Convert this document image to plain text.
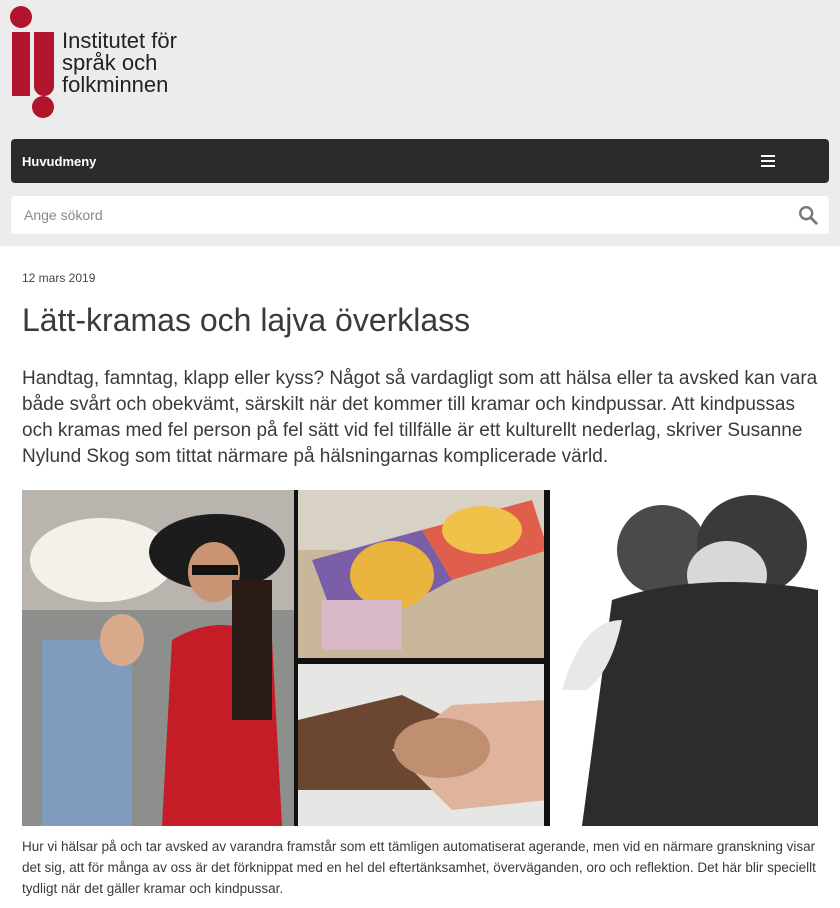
Institutet för
språk och
folkminnen
Huvudmeny
Ange sökord
12 mars 2019
Lätt-kramas och lajva överklass

Handtag, famntag, klapp eller kyss? Något så vardagligt som att hälsa eller ta avsked kan vara både svårt och obekvämt, särskilt när det kommer till kramar och kindpussar. Att kindpussas och kramas med fel person på fel sätt vid fel tillfälle är ett kulturellt nederlag, skriver Susanne Nylund Skog som tittat närmare på hälsningarnas komplicerade värld.

Hur vi hälsar på och tar avsked av varandra framstår som ett tämligen automatiserat agerande, men vid en närmare granskning visar det sig, att för många av oss är det förknippat med en hel del eftertänksamhet, överväganden, oro och reflektion. Det här blir speciellt tydligt när det gäller kramar och kindpussar.
